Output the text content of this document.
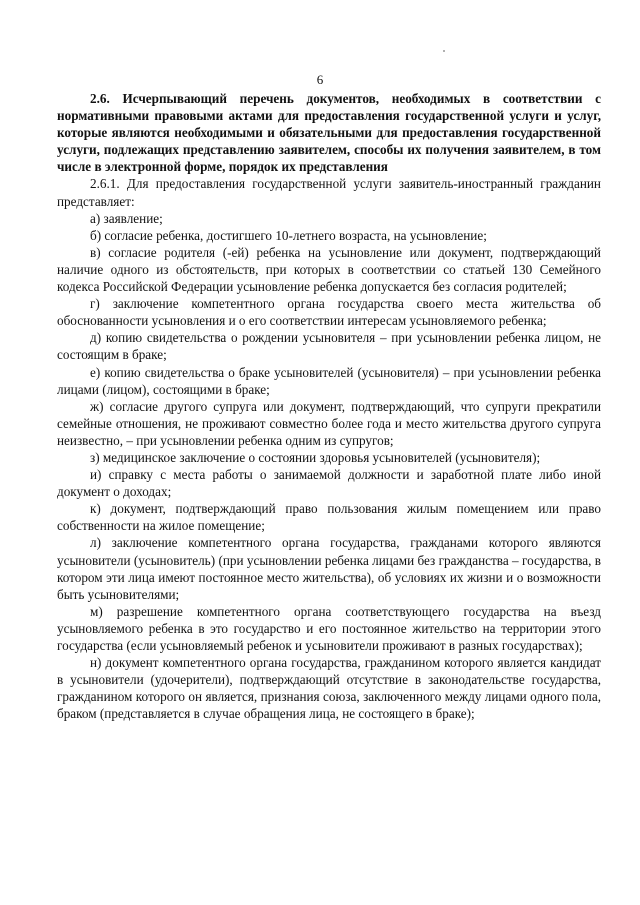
6

2.6. Исчерпывающий перечень документов, необходимых в соответствии с нормативными правовыми актами для предоставления государственной услуги и услуг, которые являются необходимыми и обязательными для предоставления государственной услуги, подлежащих представлению заявителем, способы их получения заявителем, в том числе в электронной форме, порядок их представления

2.6.1. Для предоставления государственной услуги заявитель-иностранный гражданин представляет:

а) заявление;

б) согласие ребенка, достигшего 10-летнего возраста, на усыновление;

в) согласие родителя (-ей) ребенка на усыновление или документ, подтверждающий наличие одного из обстоятельств, при которых в соответствии со статьей 130 Семейного кодекса Российской Федерации усыновление ребенка допускается без согласия родителей;

г) заключение компетентного органа государства своего места жительства об обоснованности усыновления и о его соответствии интересам усыновляемого ребенка;

д) копию свидетельства о рождении усыновителя – при усыновлении ребенка лицом, не состоящим в браке;

е) копию свидетельства о браке усыновителей (усыновителя) – при усыновлении ребенка лицами (лицом), состоящими в браке;

ж) согласие другого супруга или документ, подтверждающий, что супруги прекратили семейные отношения, не проживают совместно более года и место жительства другого супруга неизвестно, – при усыновлении ребенка одним из супругов;

з) медицинское заключение о состоянии здоровья усыновителей (усыновителя);

и) справку с места работы о занимаемой должности и заработной плате либо иной документ о доходах;

к) документ, подтверждающий право пользования жилым помещением или право собственности на жилое помещение;

л) заключение компетентного органа государства, гражданами которого являются усыновители (усыновитель) (при усыновлении ребенка лицами без гражданства – государства, в котором эти лица имеют постоянное место жительства), об условиях их жизни и о возможности быть усыновителями;

м) разрешение компетентного органа соответствующего государства на въезд усыновляемого ребенка в это государство и его постоянное жительство на территории этого государства (если усыновляемый ребенок и усыновители проживают в разных государствах);

н) документ компетентного органа государства, гражданином которого является кандидат в усыновители (удочерители), подтверждающий отсутствие в законодательстве государства, гражданином которого он является, признания союза, заключенного между лицами одного пола, браком (представляется в случае обращения лица, не состоящего в браке);
